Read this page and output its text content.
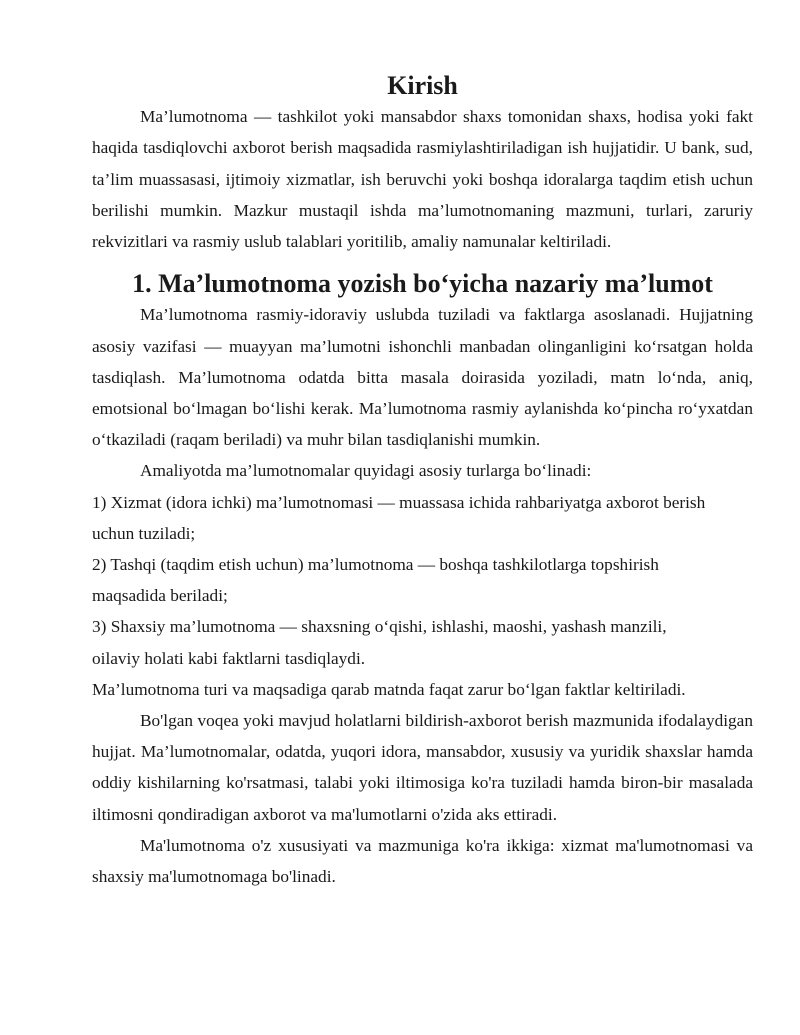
Kirish

Ma’lumotnoma — tashkilot yoki mansabdor shaxs tomonidan shaxs, hodisa yoki fakt haqida tasdiqlovchi axborot berish maqsadida rasmiylashtiriladigan ish hujjatidir. U bank, sud, ta’lim muassasasi, ijtimoiy xizmatlar, ish beruvchi yoki boshqa idoralarga taqdim etish uchun berilishi mumkin. Mazkur mustaqil ishda ma’lumotnomaning mazmuni, turlari, zaruriy rekvizitlari va rasmiy uslub talablari yoritilib, amaliy namunalar keltiriladi.

1. Ma’lumotnoma yozish bo‘yicha nazariy ma’lumot

Ma’lumotnoma rasmiy-idoraviy uslubda tuziladi va faktlarga asoslanadi. Hujjatning asosiy vazifasi — muayyan ma’lumotni ishonchli manbadan olinganligini ko‘rsatgan holda tasdiqlash. Ma’lumotnoma odatda bitta masala doirasida yoziladi, matn lo‘nda, aniq, emotsional bo‘lmagan bo‘lishi kerak. Ma’lumotnoma rasmiy aylanishda ko‘pincha ro‘yxatdan o‘tkaziladi (raqam beriladi) va muhr bilan tasdiqlanishi mumkin.

Amaliyotda ma’lumotnomalar quyidagi asosiy turlarga bo‘linadi:

1) Xizmat (idora ichki) ma’lumotnomasi — muassasa ichida rahbariyatga axborot berish uchun tuziladi;

2) Tashqi (taqdim etish uchun) ma’lumotnoma — boshqa tashkilotlarga topshirish maqsadida beriladi;

3) Shaxsiy ma’lumotnoma — shaxsning o‘qishi, ishlashi, maoshi, yashash manzili, oilaviy holati kabi faktlarni tasdiqlaydi.

Ma’lumotnoma turi va maqsadiga qarab matnda faqat zarur bo‘lgan faktlar keltiriladi.

Bo'lgan voqea yoki mavjud holatlarni bildirish-axborot berish mazmunida ifodalaydigan hujjat. Ma’lumotnomalar, odatda, yuqori idora, mansabdor, xususiy va yuridik shaxslar hamda oddiy kishilarning ko'rsatmasi, talabi yoki iltimosiga ko'ra tuziladi hamda biron-bir masalada iltimosni qondiradigan axborot va ma'lumotlarni o'zida aks ettiradi.

Ma'lumotnoma o'z xususiyati va mazmuniga ko'ra ikkiga: xizmat ma'lumotnomasi va shaxsiy ma'lumotnomaga bo'linadi.
